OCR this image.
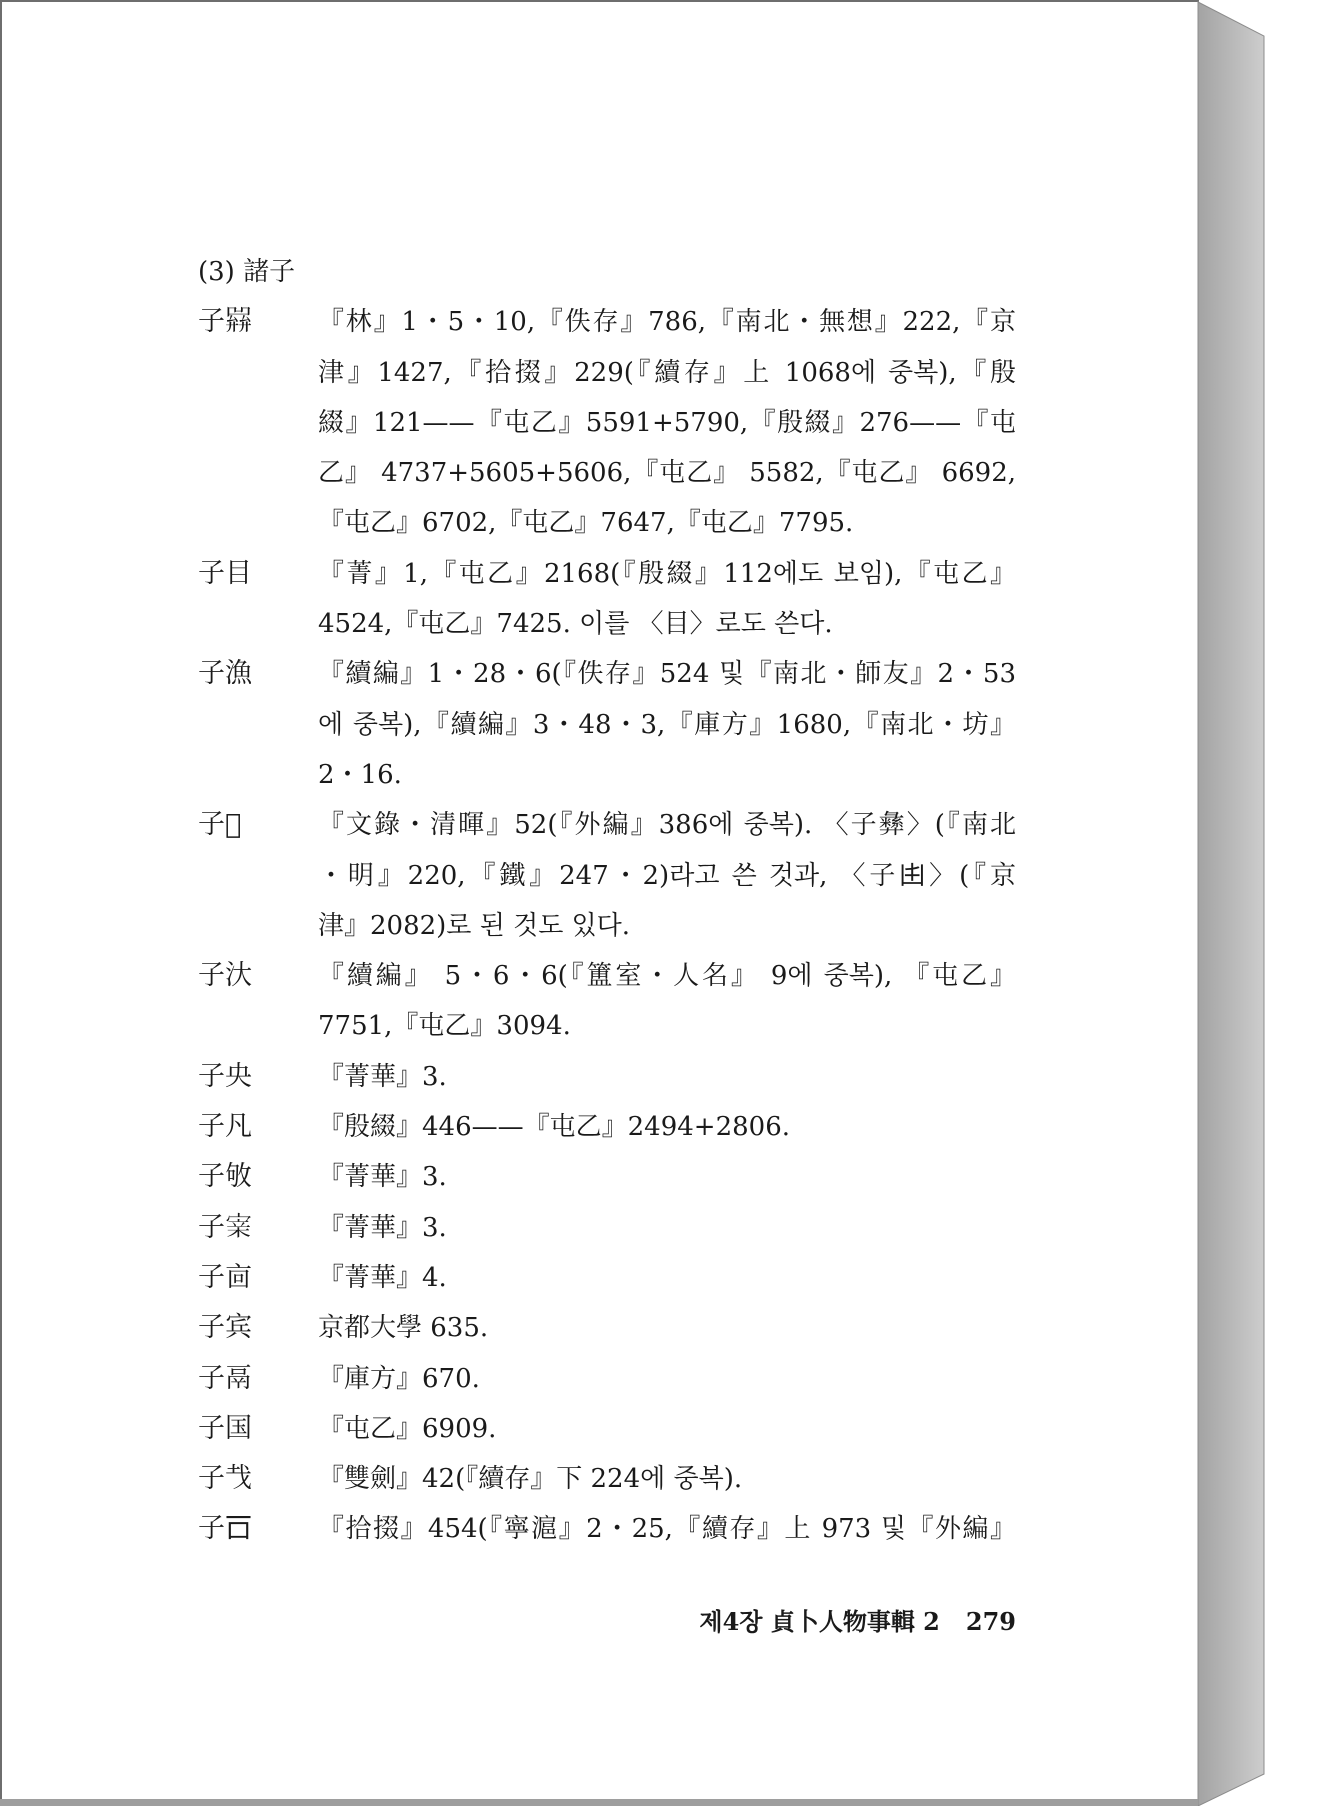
(3) 諸子
子𢍭	『林』1・5・10,『佚存』786,『南北・無想』222,『京
津』1427,『拾掇』229(『續存』上 1068에 중복),『殷
綴』121——『屯乙』5591+5790,『殷綴』276——『屯
乙』 4737+5605+5606,『屯乙』 5582,『屯乙』 6692,
『屯乙』6702,『屯乙』7647,『屯乙』7795.
子目	『菁』1,『屯乙』2168(『殷綴』112에도 보임),『屯乙』
4524,『屯乙』7425. 이를 〈目〉로도 쓴다.
子漁	『續編』1・28・6(『佚存』524 및『南北・師友』2・53
에 중복),『續編』3・48・3,『庫方』1680,『南北・坊』
2・16.
子𡆫	『文錄・清暉』52(『外編』386에 중복). 〈子彝〉(『南北
・明』220,『鐵』247・2)라고 쓴 것과, 〈子𠙹〉(『京
津』2082)로 된 것도 있다.
子汏	『續編』 5・6・6(『簠室・人名』 9에 중복), 『屯乙』
7751,『屯乙』3094.
子央	『菁華』3.
子凡	『殷綴』446——『屯乙』2494+2806.
子敂	『菁華』3.
子𡩁	『菁華』3.
子㐭	『菁華』4.
子宾	京都大學 635.
子鬲	『庫方』670.
子国	『屯乙』6909.
子𢦏	『雙劍』42(『續存』下 224에 중복).
子𠮛	『拾掇』454(『寧滬』2・25,『續存』上 973 및『外編』
제4장 貞卜人物事輯 2 279
